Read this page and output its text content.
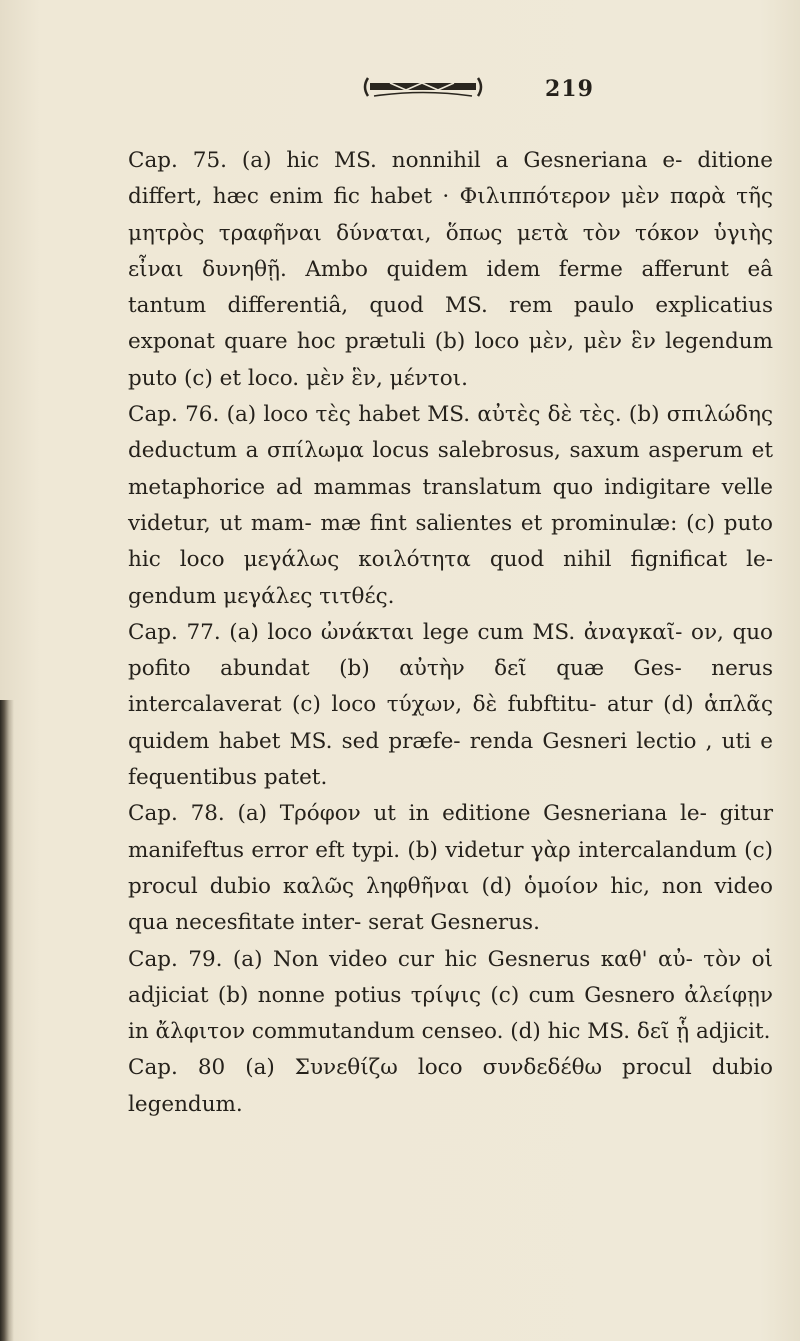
219

Cap. 75. (a) hic MS. nonnihil a Gesneriana e- ditione differt, hæc enim fic habet · Φιλιππότερον μὲν παρὰ τῆς μητρὸς τραφῆναι δύναται, ὅπως μετὰ τὸν τόκον ὑγιὴς εἶναι δυνηθῇ. Ambo quidem idem ferme afferunt eâ tantum differentiâ, quod MS. rem paulo explicatius exponat quare hoc prætuli (b) loco μὲν, μὲν ἓν legendum puto (c) et loco. μὲν ἓν, μέντοι.

Cap. 76. (a) loco τὲς habet MS. αὐτὲς δὲ τὲς. (b) σπιλώδης deductum a σπίλωμα locus salebrosus, saxum asperum et metaphorice ad mammas translatum quo indigitare velle videtur, ut mam- mæ fint salientes et prominulæ: (c) puto hic loco μεγάλως κοιλότητα quod nihil fignificat le- gendum μεγάλες τιτθές.

Cap. 77. (a) loco ὠνάκται lege cum MS. ἀναγκαῖ- ον, quo pofito abundat (b) αὐτὴν δεῖ quæ Ges- nerus intercalaverat (c) loco τύχων, δὲ fubftitu- atur (d) ἁπλᾶς quidem habet MS. sed præfe- renda Gesneri lectio , uti e fequentibus patet.

Cap. 78. (a) Τρόφον ut in editione Gesneriana le- gitur manifeftus error eft typi. (b) videtur γὰρ intercalandum (c) procul dubio καλῶς ληφθῆναι (d) ὁμοίον hic, non video qua necesfitate inter- serat Gesnerus.

Cap. 79. (a) Non video cur hic Gesnerus καθ' αὐ- τὸν οἱ adjiciat (b) nonne potius τρίψις (c) cum Gesnero ἀλείφῃν in ἄλφιτον commutandum censeo. (d) hic MS. δεῖ ᾗ adjicit.

Cap. 80 (a) Συνεθίζω loco συνδεδέθω procul dubio legendum.
